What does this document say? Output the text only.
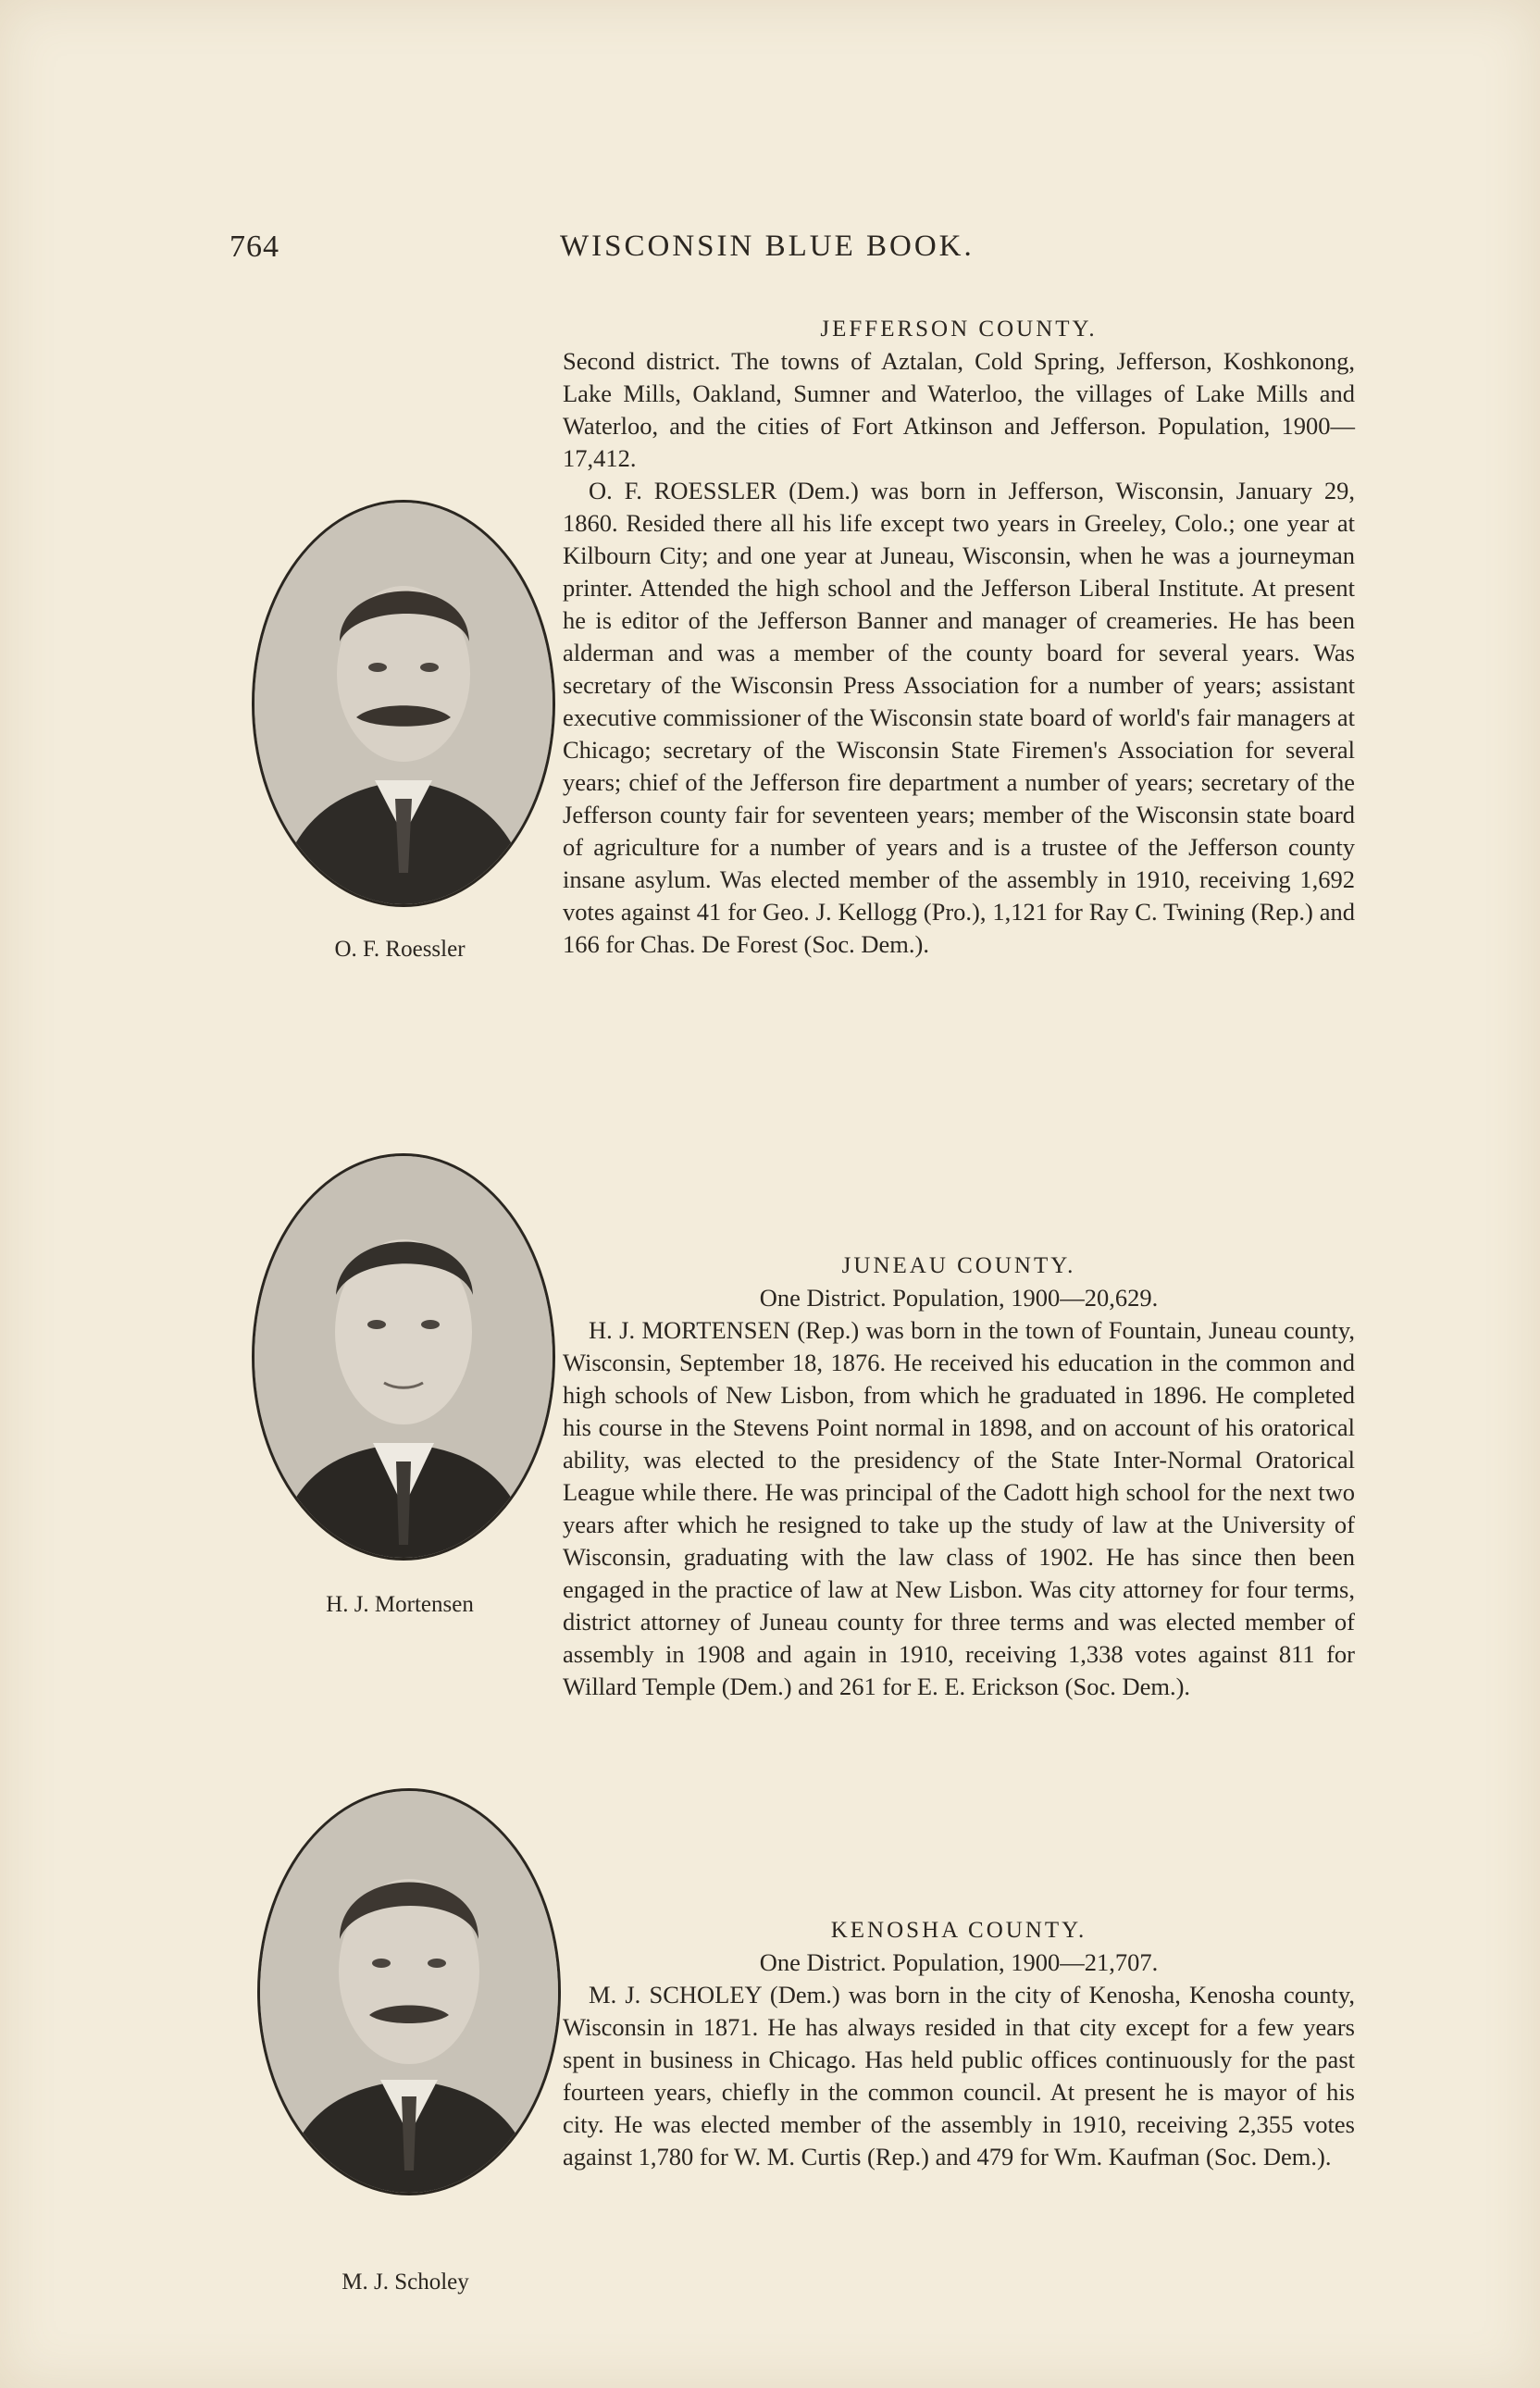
764	WISCONSIN BLUE BOOK.
O. F. Roessler
H. J. Mortensen
M. J. Scholey

JEFFERSON COUNTY.

Second district. The towns of Aztalan, Cold Spring, Jefferson, Koshkonong, Lake Mills, Oakland, Sumner and Waterloo, the villages of Lake Mills and Waterloo, and the cities of Fort Atkinson and Jefferson. Population, 1900—17,412.

O. F. ROESSLER (Dem.) was born in Jefferson, Wisconsin, January 29, 1860. Resided there all his life except two years in Greeley, Colo.; one year at Kilbourn City; and one year at Juneau, Wisconsin, when he was a journeyman printer. Attended the high school and the Jefferson Liberal Institute. At present he is editor of the Jefferson Banner and manager of creameries. He has been alderman and was a member of the county board for several years. Was secretary of the Wisconsin Press Association for a number of years; assistant executive commissioner of the Wisconsin state board of world's fair managers at Chicago; secretary of the Wisconsin State Firemen's Association for several years; chief of the Jefferson fire department a number of years; secretary of the Jefferson county fair for seventeen years; member of the Wisconsin state board of agriculture for a number of years and is a trustee of the Jefferson county insane asylum. Was elected member of the assembly in 1910, receiving 1,692 votes against 41 for Geo. J. Kellogg (Pro.), 1,121 for Ray C. Twining (Rep.) and 166 for Chas. De Forest (Soc. Dem.).

JUNEAU COUNTY.

One District. Population, 1900—20,629.

H. J. MORTENSEN (Rep.) was born in the town of Fountain, Juneau county, Wisconsin, September 18, 1876. He received his education in the common and high schools of New Lisbon, from which he graduated in 1896. He completed his course in the Stevens Point normal in 1898, and on account of his oratorical ability, was elected to the presidency of the State Inter-Normal Oratorical League while there. He was principal of the Cadott high school for the next two years after which he resigned to take up the study of law at the University of Wisconsin, graduating with the law class of 1902. He has since then been engaged in the practice of law at New Lisbon. Was city attorney for four terms, district attorney of Juneau county for three terms and was elected member of assembly in 1908 and again in 1910, receiving 1,338 votes against 811 for Willard Temple (Dem.) and 261 for E. E. Erickson (Soc. Dem.).

KENOSHA COUNTY.

One District. Population, 1900—21,707.

M. J. SCHOLEY (Dem.) was born in the city of Kenosha, Kenosha county, Wisconsin in 1871. He has always resided in that city except for a few years spent in business in Chicago. Has held public offices continuously for the past fourteen years, chiefly in the common council. At present he is mayor of his city. He was elected member of the assembly in 1910, receiving 2,355 votes against 1,780 for W. M. Curtis (Rep.) and 479 for Wm. Kaufman (Soc. Dem.).
